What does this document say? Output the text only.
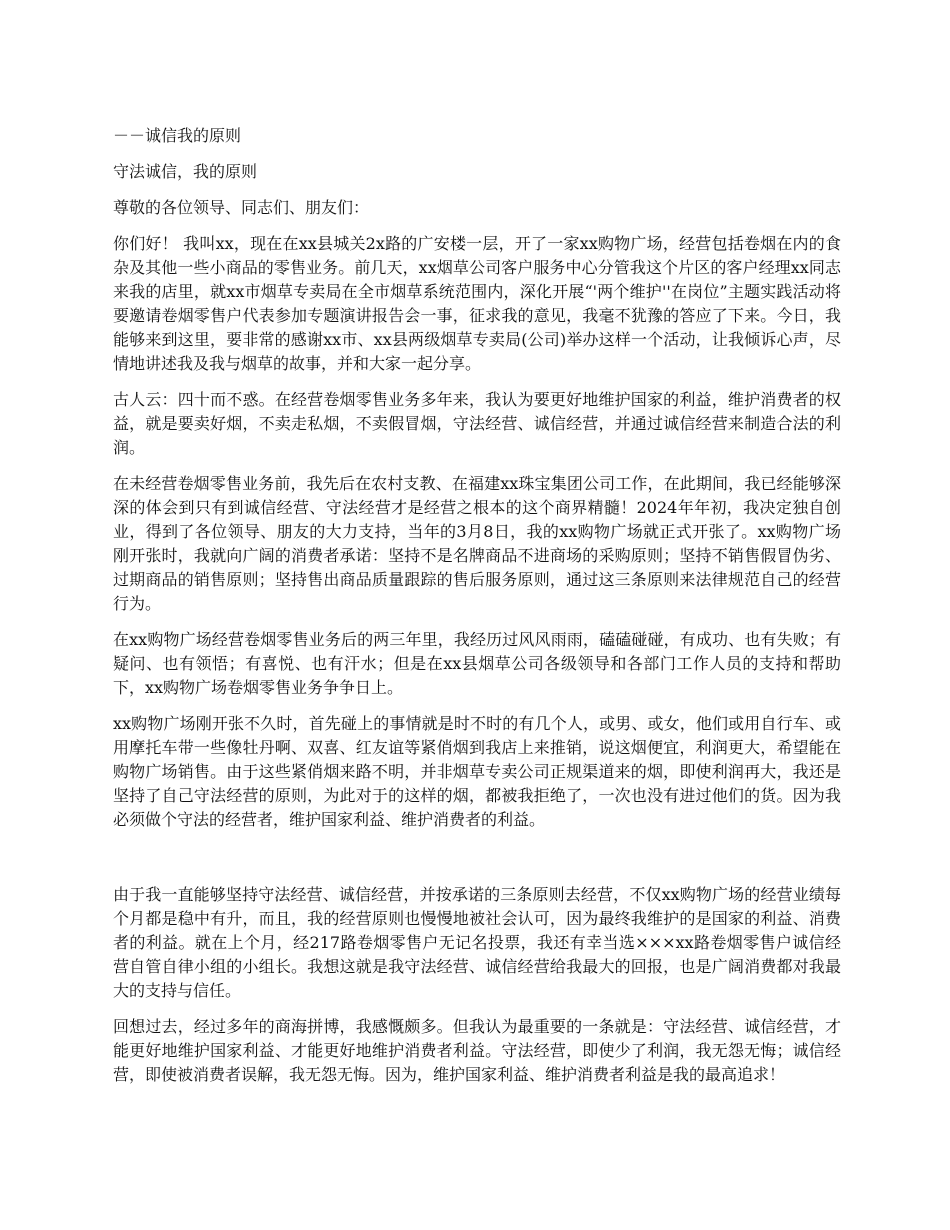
－－诚信我的原则

守法诚信，我的原则

尊敬的各位领导、同志们、朋友们：

你们好！ 我叫xx，现在在xx县城关2x路的广安楼一层，开了一家xx购物广场，经营包括卷烟在内的食杂及其他一些小商品的零售业务。前几天，xx烟草公司客户服务中心分管我这个片区的客户经理xx同志来我的店里，就xx市烟草专卖局在全市烟草系统范围内，深化开展“'两个维护''在岗位”主题实践活动将要邀请卷烟零售户代表参加专题演讲报告会一事，征求我的意见，我毫不犹豫的答应了下来。今日，我能够来到这里，要非常的感谢xx市、xx县两级烟草专卖局(公司)举办这样一个活动，让我倾诉心声，尽情地讲述我及我与烟草的故事，并和大家一起分享。

古人云：四十而不惑。在经营卷烟零售业务多年来，我认为要更好地维护国家的利益，维护消费者的权益，就是要卖好烟，不卖走私烟，不卖假冒烟，守法经营、诚信经营，并通过诚信经营来制造合法的利润。

在未经营卷烟零售业务前，我先后在农村支教、在福建xx珠宝集团公司工作，在此期间，我已经能够深深的体会到只有到诚信经营、守法经营才是经营之根本的这个商界精髓！2024年年初，我决定独自创业，得到了各位领导、朋友的大力支持，当年的3月8日，我的xx购物广场就正式开张了。xx购物广场刚开张时，我就向广阔的消费者承诺：坚持不是名牌商品不进商场的采购原则；坚持不销售假冒伪劣、过期商品的销售原则；坚持售出商品质量跟踪的售后服务原则，通过这三条原则来法律规范自己的经营行为。

在xx购物广场经营卷烟零售业务后的两三年里，我经历过风风雨雨，磕磕碰碰，有成功、也有失败；有疑问、也有领悟；有喜悦、也有汗水；但是在xx县烟草公司各级领导和各部门工作人员的支持和帮助下，xx购物广场卷烟零售业务争争日上。

xx购物广场刚开张不久时，首先碰上的事情就是时不时的有几个人，或男、或女，他们或用自行车、或用摩托车带一些像牡丹啊、双喜、红友谊等紧俏烟到我店上来推销，说这烟便宜，利润更大，希望能在购物广场销售。由于这些紧俏烟来路不明，并非烟草专卖公司正规渠道来的烟，即使利润再大，我还是坚持了自己守法经营的原则，为此对于的这样的烟，都被我拒绝了，一次也没有进过他们的货。因为我必须做个守法的经营者，维护国家利益、维护消费者的利益。

由于我一直能够坚持守法经营、诚信经营，并按承诺的三条原则去经营，不仅xx购物广场的经营业绩每个月都是稳中有升，而且，我的经营原则也慢慢地被社会认可，因为最终我维护的是国家的利益、消费者的利益。就在上个月，经217路卷烟零售户无记名投票，我还有幸当选×××xx路卷烟零售户诚信经营自管自律小组的小组长。我想这就是我守法经营、诚信经营给我最大的回报，也是广阔消费都对我最大的支持与信任。

回想过去，经过多年的商海拼博，我感慨颇多。但我认为最重要的一条就是：守法经营、诚信经营，才能更好地维护国家利益、才能更好地维护消费者利益。守法经营，即使少了利润，我无怨无悔；诚信经营，即使被消费者误解，我无怨无悔。因为，维护国家利益、维护消费者利益是我的最高追求！
